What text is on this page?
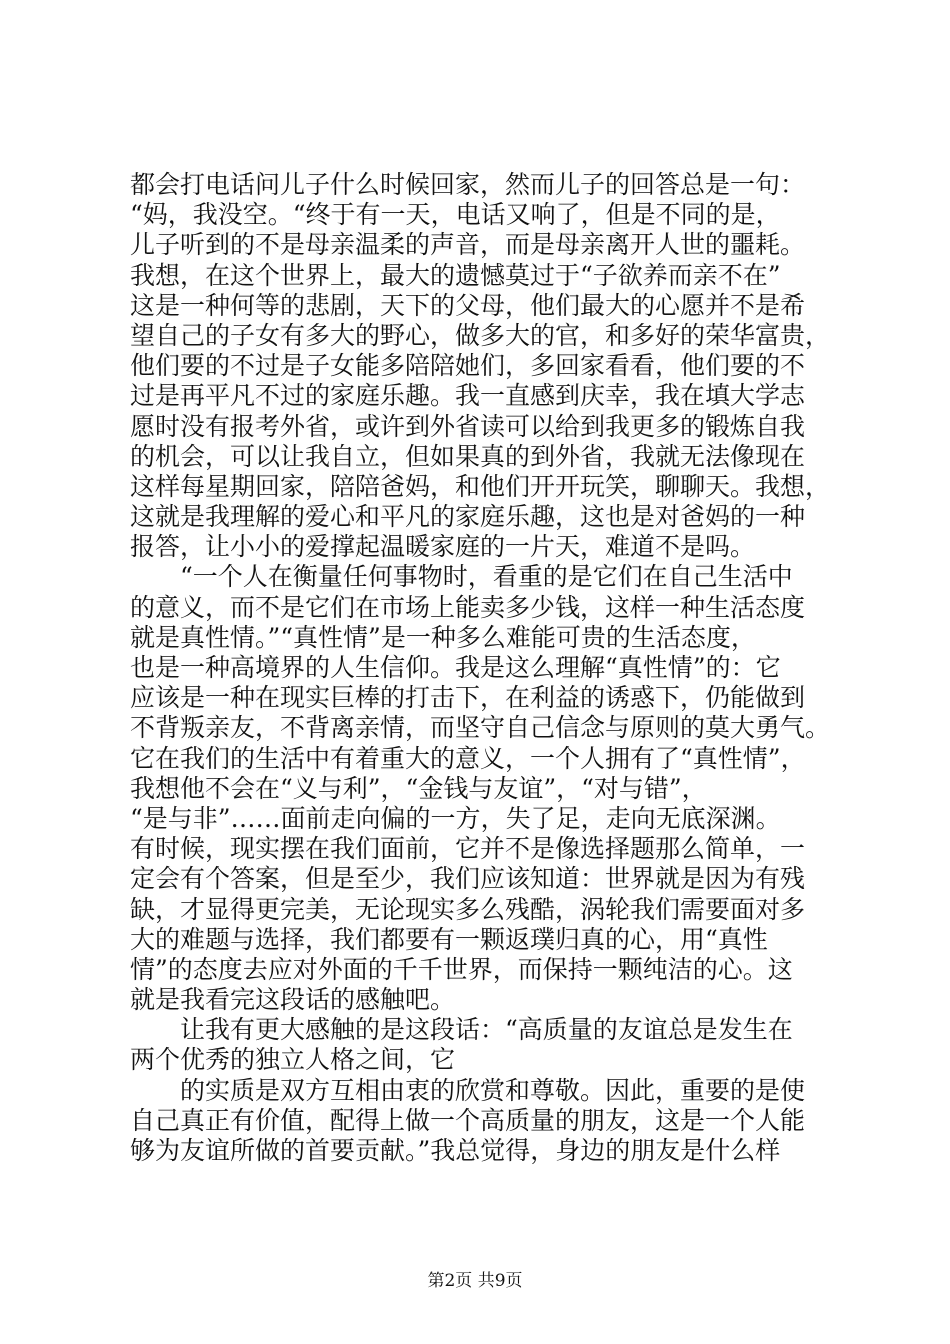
都会打电话问儿子什么时候回家，然而儿子的回答总是一句：
“妈，我没空。“终于有一天，电话又响了，但是不同的是，
儿子听到的不是母亲温柔的声音，而是母亲离开人世的噩耗。
我想，在这个世界上，最大的遗憾莫过于“子欲养而亲不在”
这是一种何等的悲剧，天下的父母，他们最大的心愿并不是希
望自己的子女有多大的野心，做多大的官，和多好的荣华富贵，
他们要的不过是子女能多陪陪她们，多回家看看，他们要的不
过是再平凡不过的家庭乐趣。我一直感到庆幸，我在填大学志
愿时没有报考外省，或许到外省读可以给到我更多的锻炼自我
的机会，可以让我自立，但如果真的到外省，我就无法像现在
这样每星期回家，陪陪爸妈，和他们开开玩笑，聊聊天。我想，
这就是我理解的爱心和平凡的家庭乐趣，这也是对爸妈的一种
报答，让小小的爱撑起温暖家庭的一片天，难道不是吗。
　　“一个人在衡量任何事物时，看重的是它们在自己生活中
的意义，而不是它们在市场上能卖多少钱，这样一种生活态度
就是真性情。”“真性情”是一种多么难能可贵的生活态度，
也是一种高境界的人生信仰。我是这么理解“真性情”的：它
应该是一种在现实巨棒的打击下，在利益的诱惑下，仍能做到
不背叛亲友，不背离亲情，而坚守自己信念与原则的莫大勇气。
它在我们的生活中有着重大的意义，一个人拥有了“真性情”，
我想他不会在“义与利”，“金钱与友谊”，“对与错”，
“是与非”……面前走向偏的一方，失了足，走向无底深渊。
有时候，现实摆在我们面前，它并不是像选择题那么简单，一
定会有个答案，但是至少，我们应该知道：世界就是因为有残
缺，才显得更完美，无论现实多么残酷，涡轮我们需要面对多
大的难题与选择，我们都要有一颗返璞归真的心，用“真性
情”的态度去应对外面的千千世界，而保持一颗纯洁的心。这
就是我看完这段话的感触吧。
　　让我有更大感触的是这段话：“高质量的友谊总是发生在
两个优秀的独立人格之间，它
　　的实质是双方互相由衷的欣赏和尊敬。因此，重要的是使
自己真正有价值，配得上做一个高质量的朋友，这是一个人能
够为友谊所做的首要贡献。”我总觉得，身边的朋友是什么样
第2页 共9页
